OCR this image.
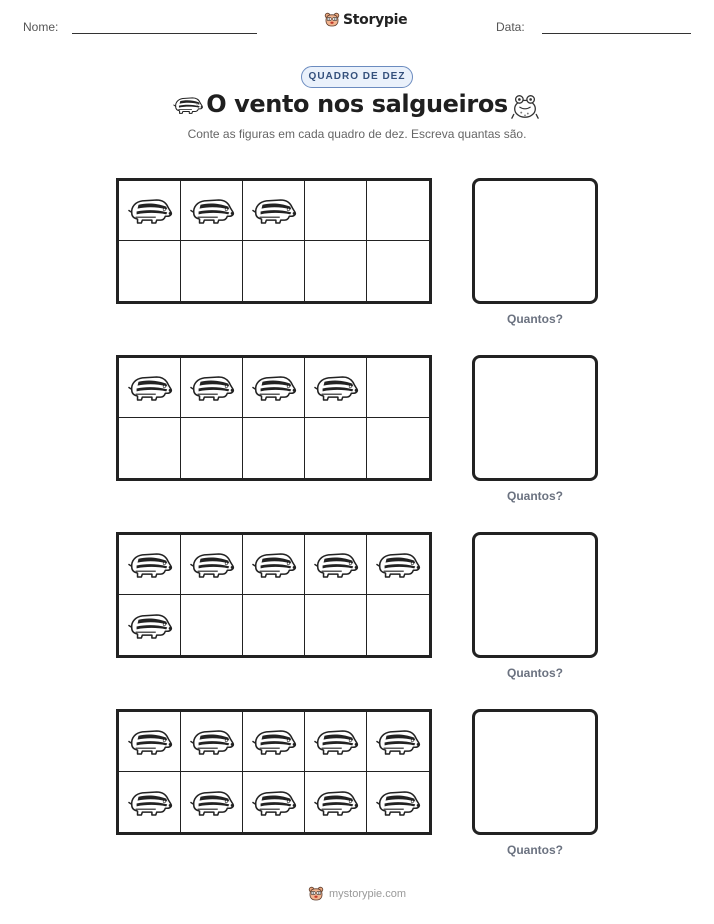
Nome:	Storypie	Data:
QUADRO DE DEZ
O vento nos salgueiros
Conte as figuras em cada quadro de dez. Escreva quantas são.
Quantos?
Quantos?
Quantos?
Quantos?
mystorypie.com
